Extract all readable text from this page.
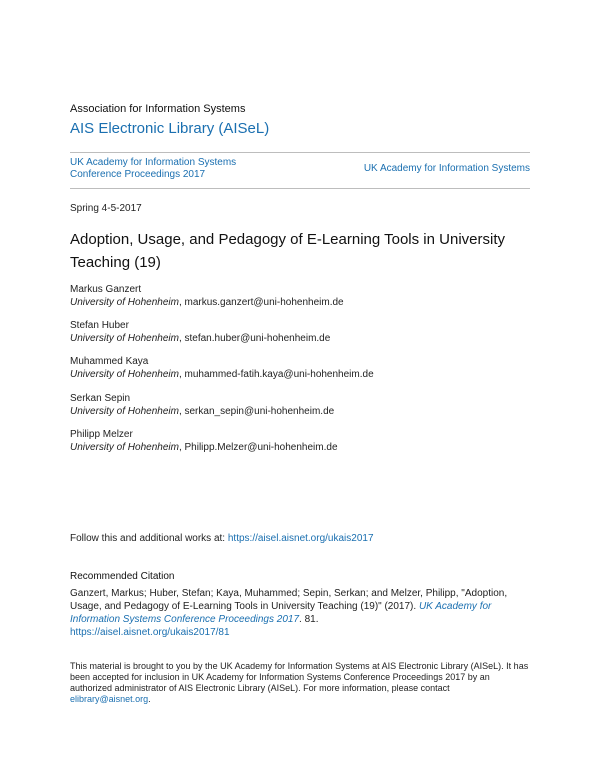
Association for Information Systems
AIS Electronic Library (AISeL)
UK Academy for Information Systems Conference Proceedings 2017
UK Academy for Information Systems
Spring 4-5-2017
Adoption, Usage, and Pedagogy of E-Learning Tools in University Teaching (19)
Markus Ganzert
University of Hohenheim, markus.ganzert@uni-hohenheim.de
Stefan Huber
University of Hohenheim, stefan.huber@uni-hohenheim.de
Muhammed Kaya
University of Hohenheim, muhammed-fatih.kaya@uni-hohenheim.de
Serkan Sepin
University of Hohenheim, serkan_sepin@uni-hohenheim.de
Philipp Melzer
University of Hohenheim, Philipp.Melzer@uni-hohenheim.de
Follow this and additional works at: https://aisel.aisnet.org/ukais2017
Recommended Citation
Ganzert, Markus; Huber, Stefan; Kaya, Muhammed; Sepin, Serkan; and Melzer, Philipp, "Adoption, Usage, and Pedagogy of E-Learning Tools in University Teaching (19)" (2017). UK Academy for Information Systems Conference Proceedings 2017. 81.
https://aisel.aisnet.org/ukais2017/81
This material is brought to you by the UK Academy for Information Systems at AIS Electronic Library (AISeL). It has been accepted for inclusion in UK Academy for Information Systems Conference Proceedings 2017 by an authorized administrator of AIS Electronic Library (AISeL). For more information, please contact elibrary@aisnet.org.
